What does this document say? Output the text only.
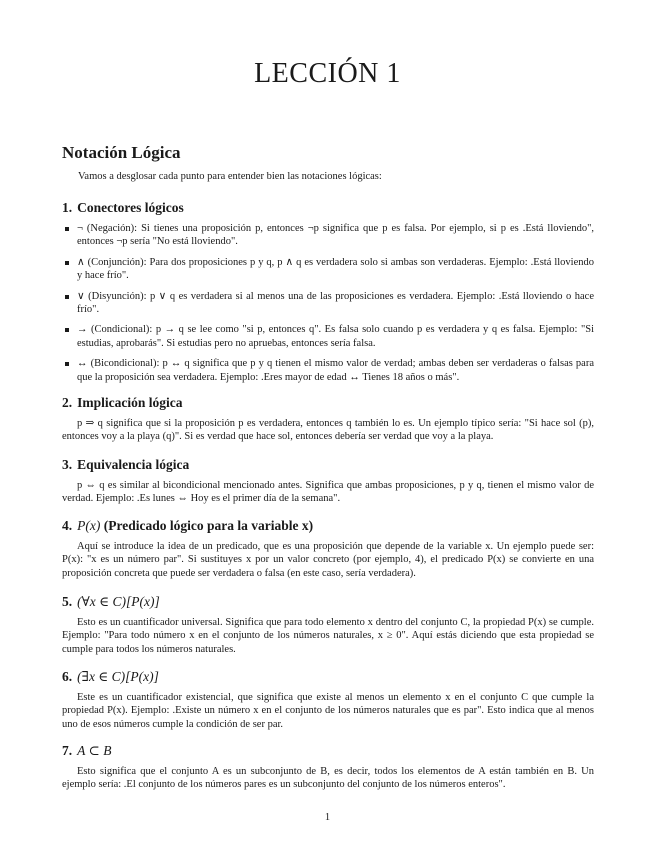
LECCIÓN 1
Notación Lógica
Vamos a desglosar cada punto para entender bien las notaciones lógicas:
1. Conectores lógicos
¬ (Negación): Si tienes una proposición p, entonces ¬p significa que p es falsa. Por ejemplo, si p es .Está lloviendo", entonces ¬p sería "No está lloviendo".
∧ (Conjunción): Para dos proposiciones p y q, p ∧ q es verdadera solo si ambas son verdaderas. Ejemplo: .Está lloviendo y hace frío".
∨ (Disyunción): p ∨ q es verdadera si al menos una de las proposiciones es verdadera. Ejemplo: .Está lloviendo o hace frío".
→ (Condicional): p → q se lee como "si p, entonces q". Es falsa solo cuando p es verdadera y q es falsa. Ejemplo: "Si estudias, aprobarás". Si estudias pero no apruebas, entonces sería falsa.
↔ (Bicondicional): p ↔ q significa que p y q tienen el mismo valor de verdad; ambas deben ser verdaderas o falsas para que la proposición sea verdadera. Ejemplo: .Eres mayor de edad ↔ Tienes 18 años o más".
2. Implicación lógica

p ⇒ q significa que si la proposición p es verdadera, entonces q también lo es. Un ejemplo típico sería: "Si hace sol (p), entonces voy a la playa (q)". Si es verdad que hace sol, entonces debería ser verdad que voy a la playa.

3. Equivalencia lógica

p ⇔ q es similar al bicondicional mencionado antes. Significa que ambas proposiciones, p y q, tienen el mismo valor de verdad. Ejemplo: .Es lunes ⇔ Hoy es el primer día de la semana".

4. P(x) (Predicado lógico para la variable x)

Aquí se introduce la idea de un predicado, que es una proposición que depende de la variable x. Un ejemplo puede ser: P(x): "x es un número par". Si sustituyes x por un valor concreto (por ejemplo, 4), el predicado P(x) se convierte en una proposición concreta que puede ser verdadera o falsa (en este caso, sería verdadera).

5. (∀x ∈ C)[P(x)]

Esto es un cuantificador universal. Significa que para todo elemento x dentro del conjunto C, la propiedad P(x) se cumple. Ejemplo: "Para todo número x en el conjunto de los números naturales, x ≥ 0". Aquí estás diciendo que esta propiedad se cumple para todos los números naturales.

6. (∃x ∈ C)[P(x)]

Este es un cuantificador existencial, que significa que existe al menos un elemento x en el conjunto C que cumple la propiedad P(x). Ejemplo: .Existe un número x en el conjunto de los números naturales que es par". Esto indica que al menos uno de esos números cumple la condición de ser par.

7. A ⊂ B

Esto significa que el conjunto A es un subconjunto de B, es decir, todos los elementos de A están también en B. Un ejemplo sería: .El conjunto de los números pares es un subconjunto del conjunto de los números enteros".

1
